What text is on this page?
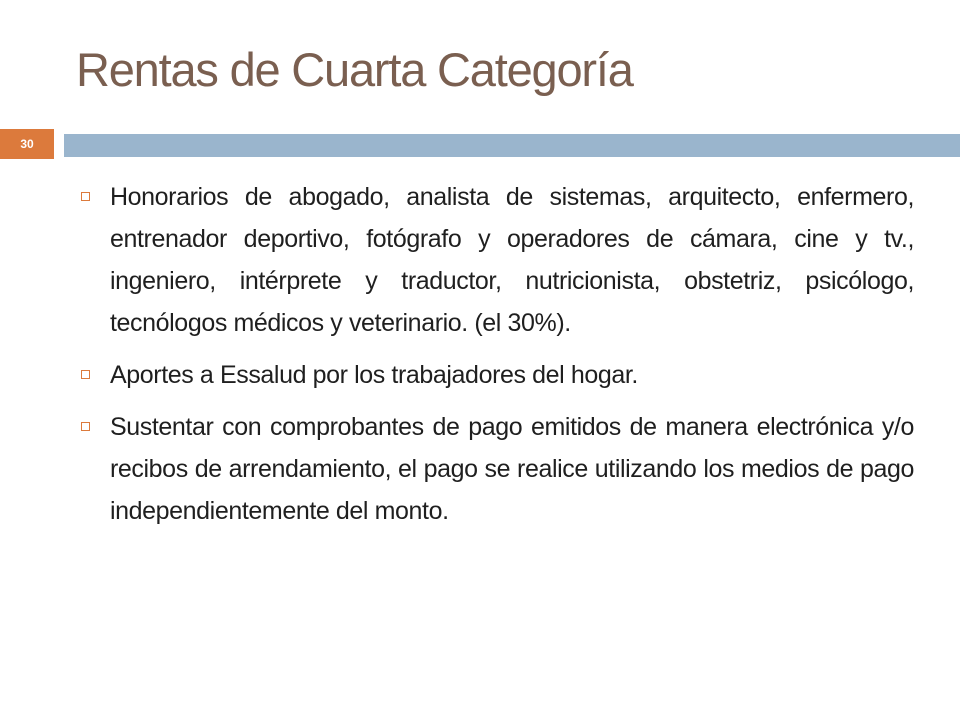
Rentas de Cuarta Categoría
30
Honorarios de abogado, analista de sistemas, arquitecto, enfermero, entrenador deportivo, fotógrafo y operadores de cámara, cine y tv., ingeniero, intérprete y traductor, nutricionista, obstetriz, psicólogo, tecnólogos médicos y veterinario. (el 30%).
Aportes a Essalud por los trabajadores del hogar.
Sustentar con comprobantes de pago emitidos de manera electrónica y/o recibos de arrendamiento, el pago se realice utilizando los medios de pago independientemente del monto.
